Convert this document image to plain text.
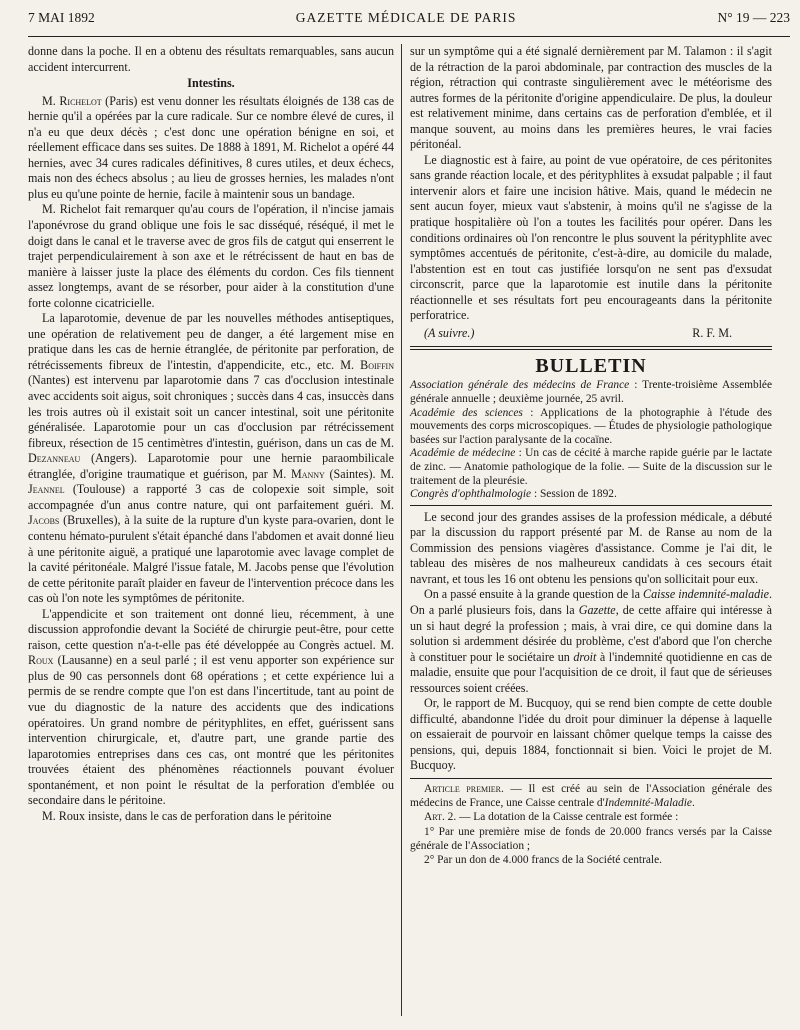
7 MAI 1892	GAZETTE MÉDICALE DE PARIS	N° 19 — 223

donne dans la poche. Il en a obtenu des résultats remarquables, sans aucun accident intercurrent.

Intestins.

M. Richelot (Paris) est venu donner les résultats éloignés de 138 cas de hernie qu'il a opérées par la cure radicale. Sur ce nombre élevé de cures, il n'a eu que deux décès ; c'est donc une opération bénigne en soi, et réellement efficace dans ses suites. De 1888 à 1891, M. Richelot a opéré 44 hernies, avec 34 cures radicales définitives, 8 cures utiles, et deux échecs, mais non des échecs absolus ; au lieu de grosses hernies, les malades n'ont plus eu qu'une pointe de hernie, facile à maintenir sous un bandage.

M. Richelot fait remarquer qu'au cours de l'opération, il n'incise jamais l'aponévrose du grand oblique une fois le sac disséqué, réséqué, il met le doigt dans le canal et le traverse avec de gros fils de catgut qui enserrent le trajet perpendiculairement à son axe et le rétrécissent de haut en bas de manière à laisser juste la place des éléments du cordon. Ces fils tiennent assez longtemps, avant de se résorber, pour aider à la constitution d'une forte colonne cicatricielle.

La laparotomie, devenue de par les nouvelles méthodes antiseptiques, une opération de relativement peu de danger, a été largement mise en pratique dans les cas de hernie étranglée, de péritonite par perforation, de rétrécissements fibreux de l'intestin, d'appendicite, etc., etc. M. Boiffin (Nantes) est intervenu par laparotomie dans 7 cas d'occlusion intestinale avec accidents soit aigus, soit chroniques ; succès dans 4 cas, insuccès dans les trois autres où il existait soit un cancer intestinal, soit une péritonite généralisée. Laparotomie pour un cas d'occlusion par rétrécissement fibreux, résection de 15 centimètres d'intestin, guérison, dans un cas de M. Dezanneau (Angers). Laparotomie pour une hernie paraombilicale étranglée, d'origine traumatique et guérison, par M. Manny (Saintes). M. Jeannel (Toulouse) a rapporté 3 cas de colopexie soit simple, soit accompagnée d'un anus contre nature, qui ont parfaitement guéri. M. Jacobs (Bruxelles), à la suite de la rupture d'un kyste para-ovarien, dont le contenu hémato-purulent s'était épanché dans l'abdomen et avait donné lieu à une péritonite aiguë, a pratiqué une laparotomie avec lavage complet de la cavité péritonéale. Malgré l'issue fatale, M. Jacobs pense que l'évolution de cette péritonite paraît plaider en faveur de l'intervention précoce dans les cas où l'on note les symptômes de péritonite.

L'appendicite et son traitement ont donné lieu, récemment, à une discussion approfondie devant la Société de chirurgie peut-être, pour cette raison, cette question n'a-t-elle pas été développée au Congrès actuel. M. Roux (Lausanne) en a seul parlé ; il est venu apporter son expérience sur plus de 90 cas personnels dont 68 opérations ; et cette expérience lui a permis de se rendre compte que l'on est dans l'incertitude, tant au point de vue du diagnostic de la nature des accidents que des indications opératoires. Un grand nombre de pérityphlites, en effet, guérissent sans intervention chirurgicale, et, d'autre part, une grande partie des laparotomies entreprises dans ces cas, ont montré que les péritonites trouvées étaient des phénomènes réactionnels pouvant évoluer spontanément, et non point le résultat de la perforation d'emblée ou secondaire dans le péritoine.

M. Roux insiste, dans le cas de perforation dans le péritoine

sur un symptôme qui a été signalé dernièrement par M. Talamon : il s'agit de la rétraction de la paroi abdominale, par contraction des muscles de la région, rétraction qui contraste singulièrement avec le météorisme des autres formes de la péritonite d'origine appendiculaire. De plus, la douleur est relativement minime, dans certains cas de perforation d'emblée, et il manque souvent, au moins dans les premières heures, le vrai facies péritonéal.

Le diagnostic est à faire, au point de vue opératoire, de ces péritonites sans grande réaction locale, et des pérityphlites à exsudat palpable ; il faut intervenir alors et faire une incision hâtive. Mais, quand le médecin ne sent aucun foyer, mieux vaut s'abstenir, à moins qu'il ne s'agisse de la pratique hospitalière où l'on a toutes les facilités pour opérer. Dans les conditions ordinaires où l'on rencontre le plus souvent la pérityphlite avec symptômes accentués de péritonite, c'est-à-dire, au domicile du malade, l'abstention est en tout cas justifiée lorsqu'on ne sent pas d'exsudat circonscrit, parce que la laparotomie est inutile dans la péritonite réactionnelle et ses résultats fort peu encourageants dans la péritonite perforatrice.

(A suivre.)	R. F. M.
BULLETIN

Association générale des médecins de France : Trente-troisième Assemblée générale annuelle ; deuxième journée, 25 avril.

Académie des sciences : Applications de la photographie à l'étude des mouvements des corps microscopiques. — Études de physiologie pathologique basées sur l'action paralysante de la cocaïne.

Académie de médecine : Un cas de cécité à marche rapide guérie par le lactate de zinc. — Anatomie pathologique de la folie. — Suite de la discussion sur le traitement de la pleurésie.

Congrès d'ophthalmologie : Session de 1892.

Le second jour des grandes assises de la profession médicale, a débuté par la discussion du rapport présenté par M. de Ranse au nom de la Commission des pensions viagères d'assistance. Comme je l'ai dit, le tableau des misères de nos malheureux candidats à ces secours était navrant, et tous les 16 ont obtenu les pensions qu'on sollicitait pour eux.

On a passé ensuite à la grande question de la Caisse indemnité-maladie. On a parlé plusieurs fois, dans la Gazette, de cette affaire qui intéresse à un si haut degré la profession ; mais, à vrai dire, ce qui domine dans la solution si ardemment désirée du problème, c'est d'abord que l'on cherche à constituer pour le sociétaire un droit à l'indemnité quotidienne en cas de maladie, ensuite que pour l'acquisition de ce droit, il faut que de sérieuses ressources soient créées.

Or, le rapport de M. Bucquoy, qui se rend bien compte de cette double difficulté, abandonne l'idée du droit pour diminuer la dépense à laquelle on essaierait de pourvoir en laissant chômer quelque temps la caisse des pensions, qui, depuis 1884, fonctionnait si bien. Voici le projet de M. Bucquoy.

Article premier. — Il est créé au sein de l'Association générale des médecins de France, une Caisse centrale d'Indemnité-Maladie.

Art. 2. — La dotation de la Caisse centrale est formée :

1° Par une première mise de fonds de 20.000 francs versés par la Caisse générale de l'Association ;

2° Par un don de 4.000 francs de la Société centrale.
